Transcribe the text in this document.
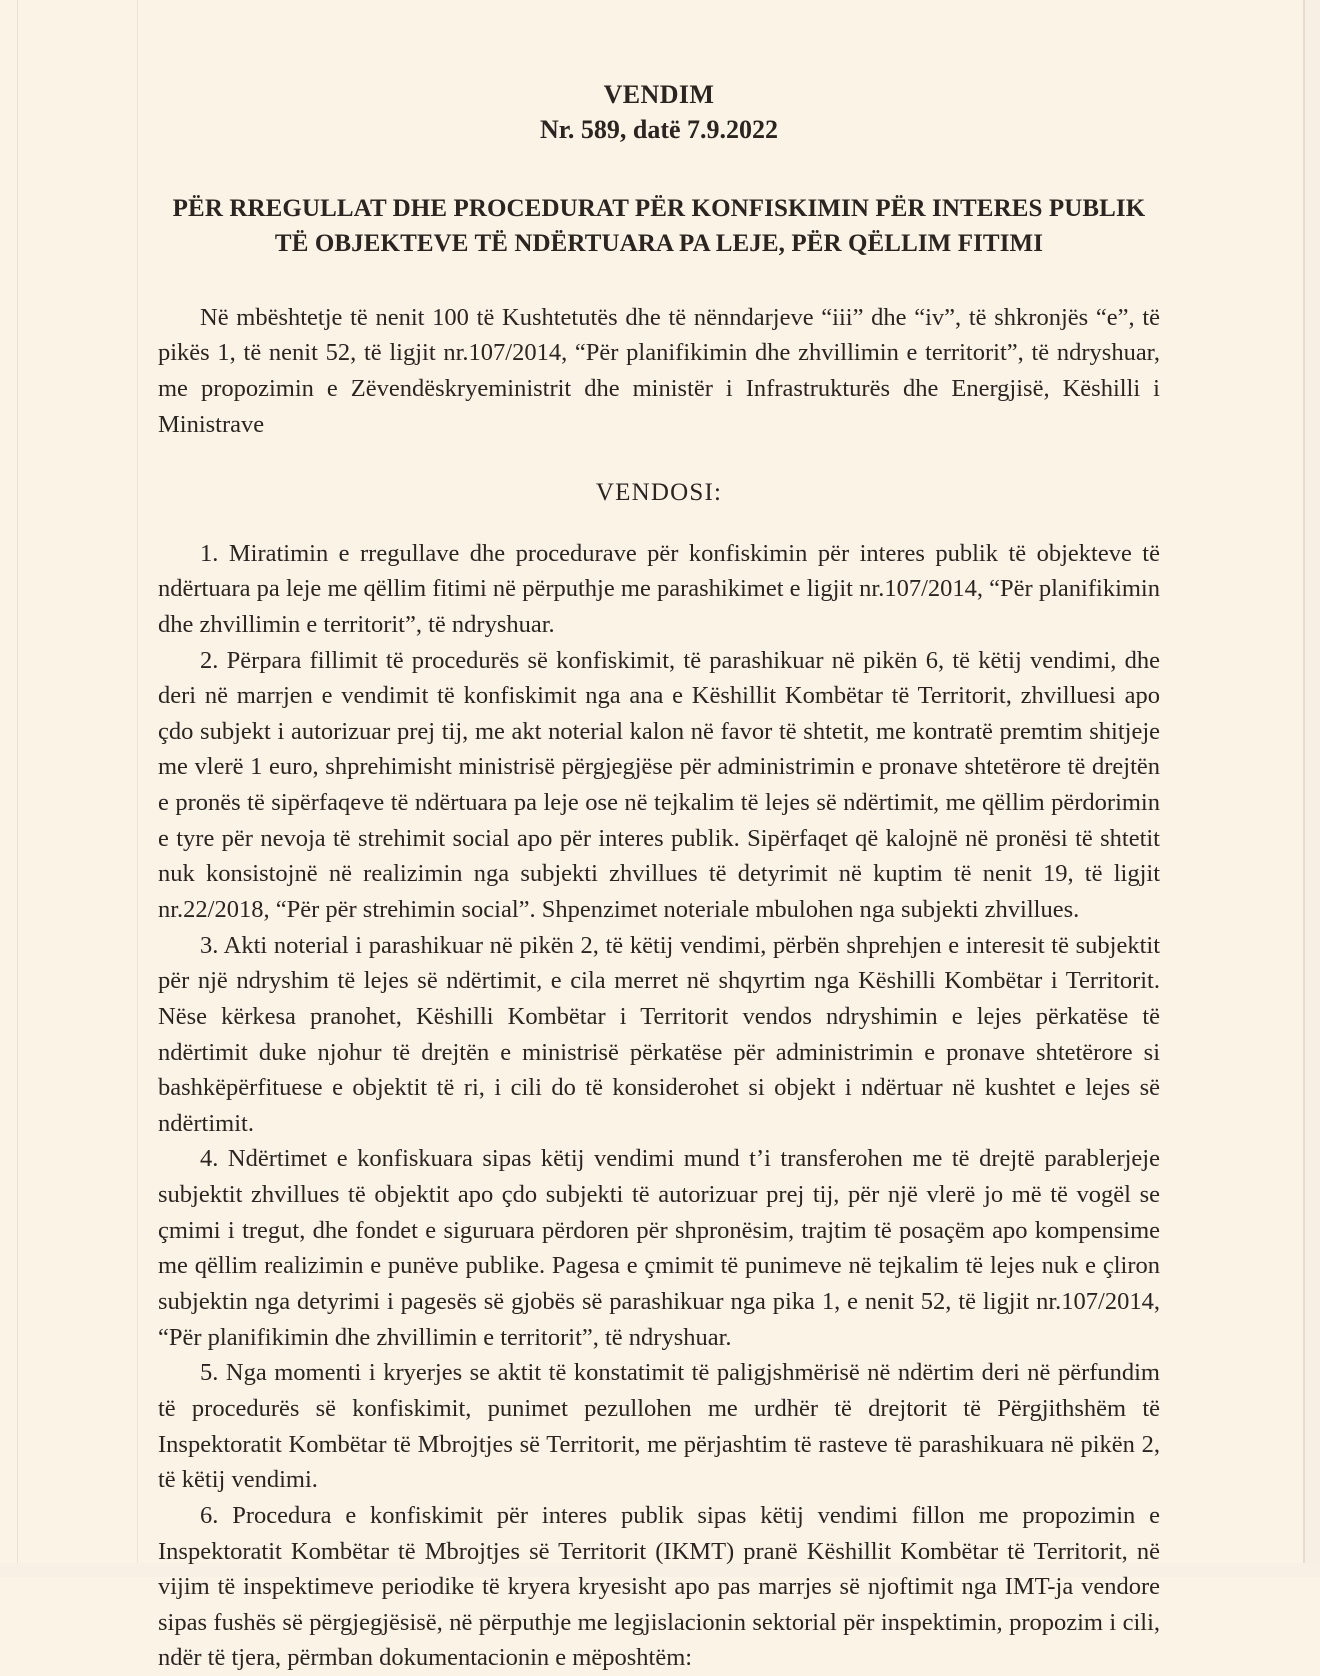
VENDIM
Nr. 589, datë 7.9.2022
PËR RREGULLAT DHE PROCEDURAT PËR KONFISKIMIN PËR INTERES PUBLIK TË OBJEKTEVE TË NDËRTUARA PA LEJE, PËR QËLLIM FITIMI

Në mbështetje të nenit 100 të Kushtetutës dhe të nënndarjeve “iii” dhe “iv”, të shkronjës “e”, të pikës 1, të nenit 52, të ligjit nr.107/2014, “Për planifikimin dhe zhvillimin e territorit”, të ndryshuar, me propozimin e Zëvendëskryeministrit dhe ministër i Infrastrukturës dhe Energjisë, Këshilli i Ministrave

VENDOSI:
1. Miratimin e rregullave dhe procedurave për konfiskimin për interes publik të objekteve të ndërtuara pa leje me qëllim fitimi në përputhje me parashikimet e ligjit nr.107/2014, “Për planifikimin dhe zhvillimin e territorit”, të ndryshuar.
2. Përpara fillimit të procedurës së konfiskimit, të parashikuar në pikën 6, të këtij vendimi, dhe deri në marrjen e vendimit të konfiskimit nga ana e Këshillit Kombëtar të Territorit, zhvilluesi apo çdo subjekt i autorizuar prej tij, me akt noterial kalon në favor të shtetit, me kontratë premtim shitjeje me vlerë 1 euro, shprehimisht ministrisë përgjegjëse për administrimin e pronave shtetërore të drejtën e pronës të sipërfaqeve të ndërtuara pa leje ose në tejkalim të lejes së ndërtimit, me qëllim përdorimin e tyre për nevoja të strehimit social apo për interes publik. Sipërfaqet që kalojnë në pronësi të shtetit nuk konsistojnë në realizimin nga subjekti zhvillues të detyrimit në kuptim të nenit 19, të ligjit nr.22/2018, “Për për strehimin social”. Shpenzimet noteriale mbulohen nga subjekti zhvillues.
3. Akti noterial i parashikuar në pikën 2, të këtij vendimi, përbën shprehjen e interesit të subjektit për një ndryshim të lejes së ndërtimit, e cila merret në shqyrtim nga Këshilli Kombëtar i Territorit. Nëse kërkesa pranohet, Këshilli Kombëtar i Territorit vendos ndryshimin e lejes përkatëse të ndërtimit duke njohur të drejtën e ministrisë përkatëse për administrimin e pronave shtetërore si bashkëpërfituese e objektit të ri, i cili do të konsiderohet si objekt i ndërtuar në kushtet e lejes së ndërtimit.
4. Ndërtimet e konfiskuara sipas këtij vendimi mund t’i transferohen me të drejtë parablerjeje subjektit zhvillues të objektit apo çdo subjekti të autorizuar prej tij, për një vlerë jo më të vogël se çmimi i tregut, dhe fondet e siguruara përdoren për shpronësim, trajtim të posaçëm apo kompensime me qëllim realizimin e punëve publike. Pagesa e çmimit të punimeve në tejkalim të lejes nuk e çliron subjektin nga detyrimi i pagesës së gjobës së parashikuar nga pika 1, e nenit 52, të ligjit nr.107/2014, “Për planifikimin dhe zhvillimin e territorit”, të ndryshuar.
5. Nga momenti i kryerjes se aktit të konstatimit të paligjshmërisë në ndërtim deri në përfundim të procedurës së konfiskimit, punimet pezullohen me urdhër të drejtorit të Përgjithshëm të Inspektoratit Kombëtar të Mbrojtjes së Territorit, me përjashtim të rasteve të parashikuara në pikën 2, të këtij vendimi.
6. Procedura e konfiskimit për interes publik sipas këtij vendimi fillon me propozimin e Inspektoratit Kombëtar të Mbrojtjes së Territorit (IKMT) pranë Këshillit Kombëtar të Territorit, në vijim të inspektimeve periodike të kryera kryesisht apo pas marrjes së njoftimit nga IMT-ja vendore sipas fushës së përgjegjësisë, në përputhje me legjislacionin sektorial për inspektimin, propozim i cili, ndër të tjera, përmban dokumentacionin e mëposhtëm:
